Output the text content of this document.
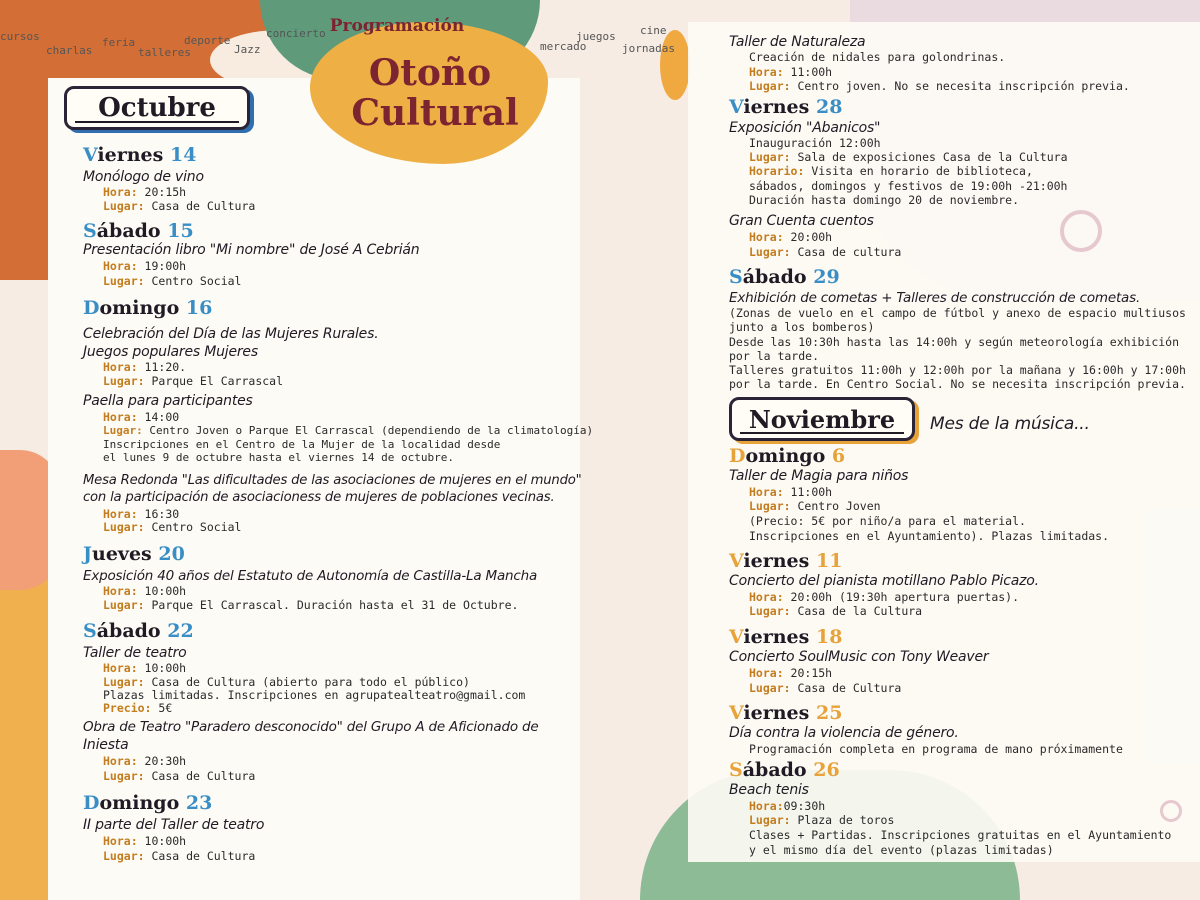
cursos
charlas
feria
talleres
deporte
Jazz
concierto
mercado
juegos cine
jornadas
Programación
Otoño
Cultural
Octubre
Viernes 14
Monólogo de vino
Hora: 20:15h
Lugar: Casa de Cultura
Sábado 15
Presentación libro "Mi nombre" de José A Cebrián
Hora: 19:00h
Lugar: Centro Social
Domingo 16
Celebración del Día de las Mujeres Rurales.
Juegos populares Mujeres
Hora: 11:20.
Lugar: Parque El Carrascal
Paella para participantes
Hora: 14:00
Lugar: Centro Joven o Parque El Carrascal (dependiendo de la climatología)
Inscripciones en el Centro de la Mujer de la localidad desde
el lunes 9 de octubre hasta el viernes 14 de octubre.
Mesa Redonda "Las dificultades de las asociaciones de mujeres en el mundo"
con la participación de asociacioness de mujeres de poblaciones vecinas.
Hora: 16:30
Lugar: Centro Social
Jueves 20
Exposición 40 años del Estatuto de Autonomía de Castilla-La Mancha
Hora: 10:00h
Lugar: Parque El Carrascal. Duración hasta el 31 de Octubre.
Sábado 22
Taller de teatro
Hora: 10:00h
Lugar: Casa de Cultura (abierto para todo el público)
Plazas limitadas. Inscripciones en agrupatealteatro@gmail.com
Precio: 5€
Obra de Teatro "Paradero desconocido" del Grupo A de Aficionado de
Iniesta
Hora: 20:30h
Lugar: Casa de Cultura
Domingo 23
II parte del Taller de teatro
Hora: 10:00h
Lugar: Casa de Cultura
Taller de Naturaleza
Creación de nidales para golondrinas.
Hora: 11:00h
Lugar: Centro joven. No se necesita inscripción previa.
Viernes 28
Exposición "Abanicos"
Inauguración 12:00h
Lugar: Sala de exposiciones Casa de la Cultura
Horario: Visita en horario de biblioteca,
sábados, domingos y festivos de 19:00h -21:00h
Duración hasta domingo 20 de noviembre.
Gran Cuenta cuentos
Hora: 20:00h
Lugar: Casa de cultura
Sábado 29
Exhibición de cometas + Talleres de construcción de cometas.
(Zonas de vuelo en el campo de fútbol y anexo de espacio multiusos
junto a los bomberos)
Desde las 10:30h hasta las 14:00h y según meteorología exhibición
por la tarde.
Talleres gratuitos 11:00h y 12:00h por la mañana y 16:00h y 17:00h
por la tarde. En Centro Social. No se necesita inscripción previa.
Noviembre Mes de la música...
Domingo 6
Taller de Magia para niños
Hora: 11:00h
Lugar: Centro Joven
(Precio: 5€ por niño/a para el material.
Inscripciones en el Ayuntamiento). Plazas limitadas.
Viernes 11
Concierto del pianista motillano Pablo Picazo.
Hora: 20:00h (19:30h apertura puertas).
Lugar: Casa de la Cultura
Viernes 18
Concierto SoulMusic con Tony Weaver
Hora: 20:15h
Lugar: Casa de Cultura
Viernes 25
Día contra la violencia de género.
Programación completa en programa de mano próximamente
Sábado 26
Beach tenis
Hora:09:30h
Lugar: Plaza de toros
Clases + Partidas. Inscripciones gratuitas en el Ayuntamiento
y el mismo día del evento (plazas limitadas)
